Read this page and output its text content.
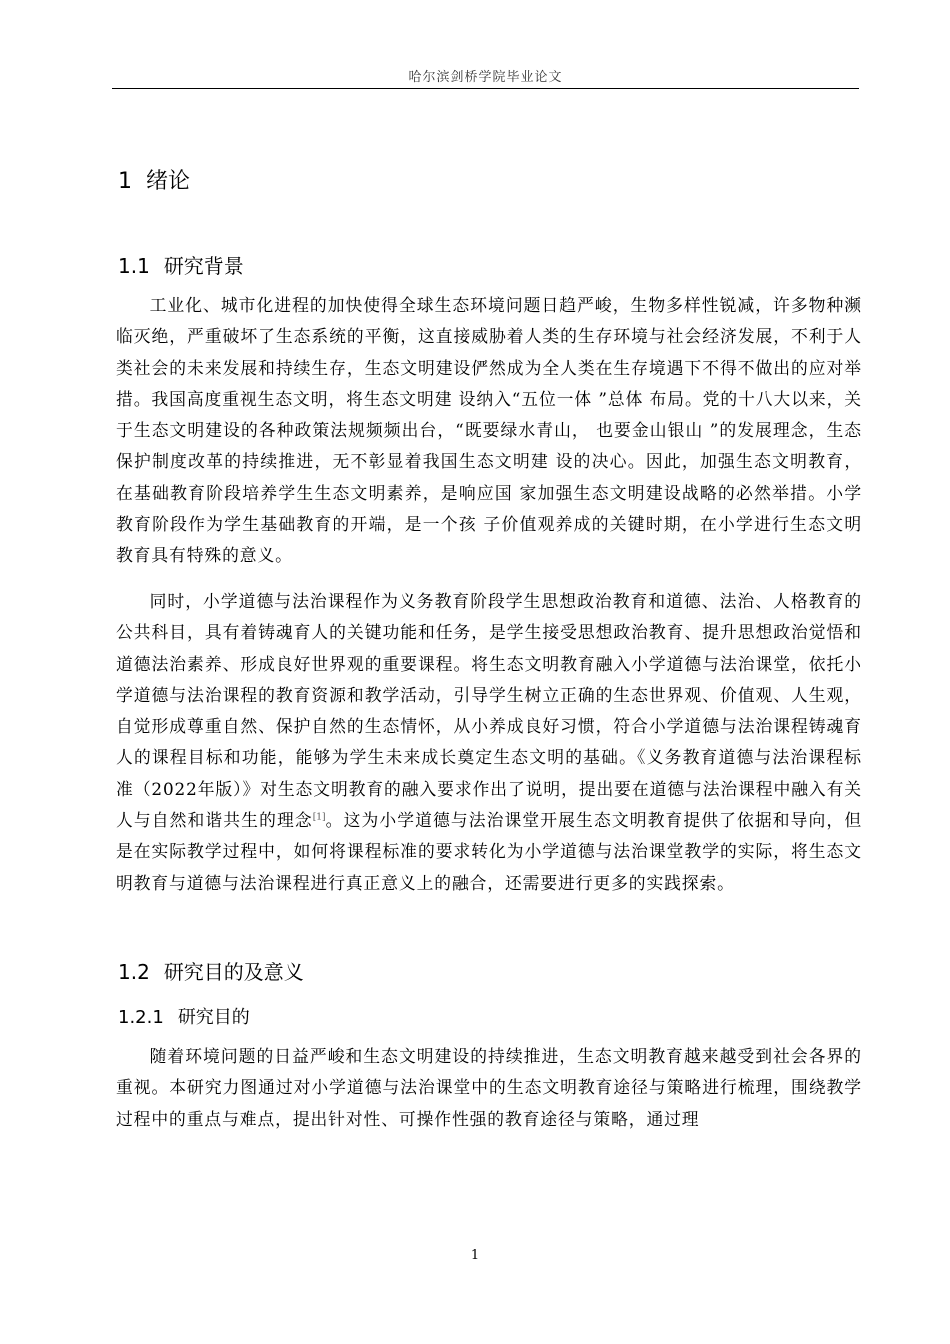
哈尔滨剑桥学院毕业论文
1 绪论
1.1 研究背景

工业化、城市化进程的加快使得全球生态环境问题日趋严峻，生物多样性锐减，许多物种濒临灭绝，严重破坏了生态系统的平衡，这直接威胁着人类的生存环境与社会经济发展，不利于人类社会的未来发展和持续生存，生态文明建设俨然成为全人类在生存境遇下不得不做出的应对举措。我国高度重视生态文明，将生态文明建 设纳入“五位一体 ”总体 布局。党的十八大以来，关于生态文明建设的各种政策法规频频出台，“既要绿水青山， 也要金山银山 ”的发展理念，生态保护制度改革的持续推进，无不彰显着我国生态文明建 设的决心。因此，加强生态文明教育，在基础教育阶段培养学生生态文明素养，是响应国 家加强生态文明建设战略的必然举措。小学教育阶段作为学生基础教育的开端，是一个孩 子价值观养成的关键时期，在小学进行生态文明教育具有特殊的意义。

同时，小学道德与法治课程作为义务教育阶段学生思想政治教育和道德、法治、人格教育的公共科目，具有着铸魂育人的关键功能和任务，是学生接受思想政治教育、提升思想政治觉悟和道德法治素养、形成良好世界观的重要课程。将生态文明教育融入小学道德与法治课堂，依托小学道德与法治课程的教育资源和教学活动，引导学生树立正确的生态世界观、价值观、人生观，自觉形成尊重自然、保护自然的生态情怀，从小养成良好习惯，符合小学道德与法治课程铸魂育人的课程目标和功能，能够为学生未来成长奠定生态文明的基础。《义务教育道德与法治课程标准（2022年版）》对生态文明教育的融入要求作出了说明，提出要在道德与法治课程中融入有关人与自然和谐共生的理念[1]。这为小学道德与法治课堂开展生态文明教育提供了依据和导向，但是在实际教学过程中，如何将课程标准的要求转化为小学道德与法治课堂教学的实际，将生态文明教育与道德与法治课程进行真正意义上的融合，还需要进行更多的实践探索。

1.2 研究目的及意义
1.2.1 研究目的

随着环境问题的日益严峻和生态文明建设的持续推进，生态文明教育越来越受到社会各界的重视。本研究力图通过对小学道德与法治课堂中的生态文明教育途径与策略进行梳理，围绕教学过程中的重点与难点，提出针对性、可操作性强的教育途径与策略，通过理

1
